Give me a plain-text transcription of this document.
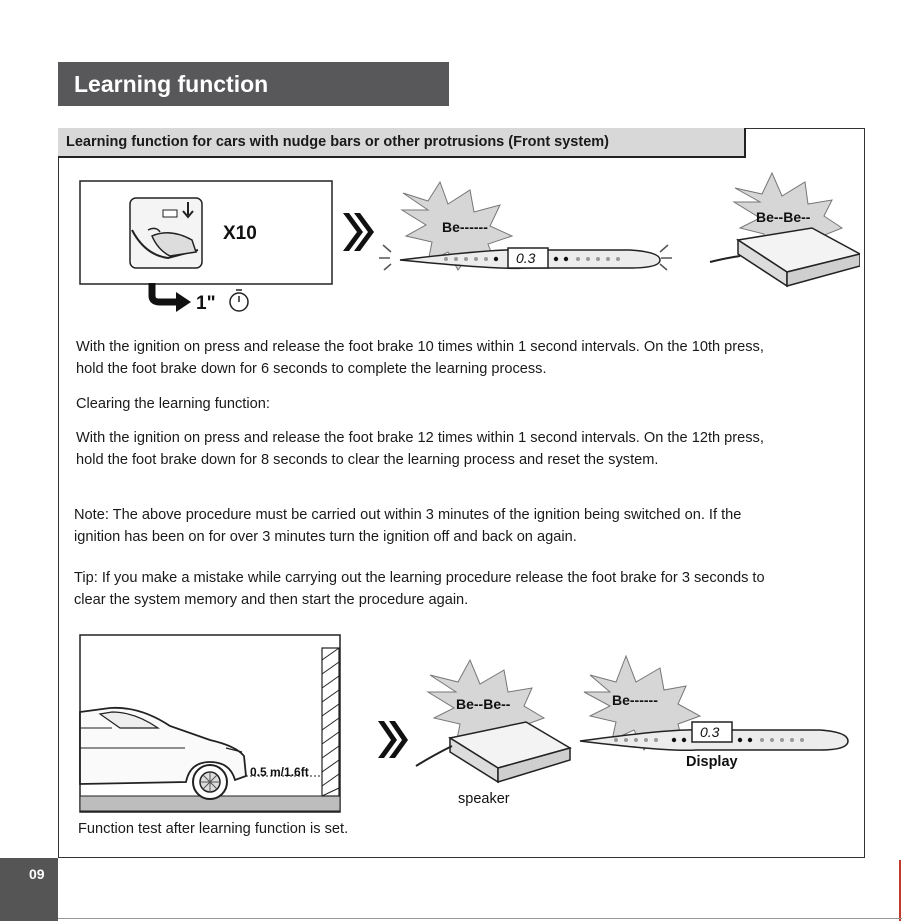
Learning function
Learning function for cars with nudge bars or other protrusions (Front system)
X10
1"
Be------
0.3
Be--Be--

With the ignition on press and release the foot brake 10 times within 1 second intervals. On the 10th press, hold the foot brake down for 6 seconds to complete the learning process.

Clearing the learning function:

With the ignition on press and release the foot brake 12 times within 1 second intervals. On the 12th press, hold the foot brake down for 8 seconds to clear the learning process and reset the system.

Note: The above procedure must be carried out within 3 minutes of the ignition being switched on. If the ignition has been on for over 3 minutes turn the ignition off and back on again.

Tip: If you make a mistake while carrying out the learning procedure release the foot brake for 3 seconds to clear the system memory and then start the procedure again.

0.5 m/1.6ft
Be--Be--
speaker
Be------
0.3
Display

Function test after learning function is set.

09
